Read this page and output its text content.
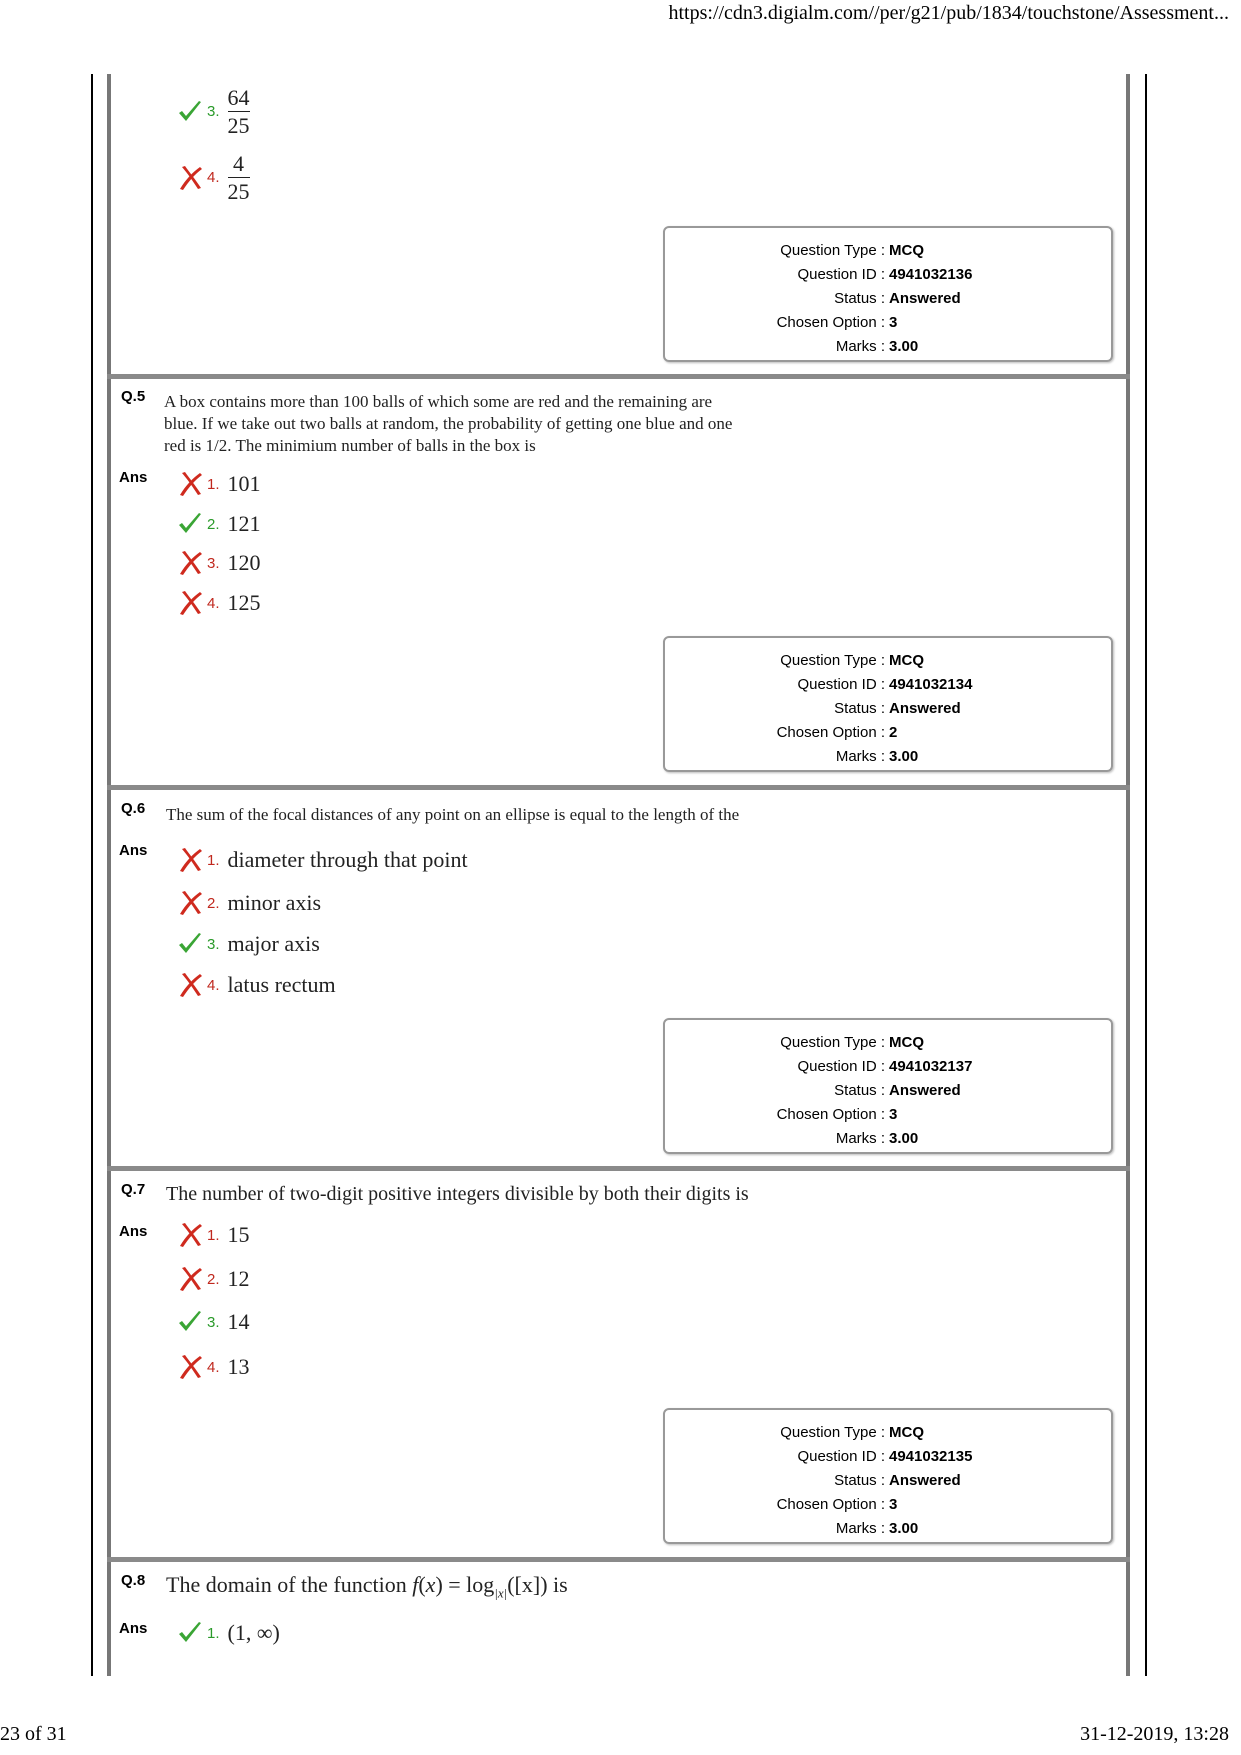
https://cdn3.digialm.com//per/g21/pub/1834/touchstone/Assessment...
3. $\frac{64}{25}$
4. $\frac{4}{25}$
Question Type :	MCQ
Question ID :	4941032136
Status :	Answered
Chosen Option :	3
Marks :	3.00
Q.5 A box contains more than 100 balls of which some are red and the remaining are
blue. If we take out two balls at random, the probability of getting one blue and one
red is 1/2. The minimium number of balls in the box is
Ans	1. 101
2. 121
3. 120
4. 125
Question Type :	MCQ
Question ID :	4941032134
Status :	Answered
Chosen Option :	2
Marks :	3.00
Q.6 The sum of the focal distances of any point on an ellipse is equal to the length of the
Ans
1. diameter through that point
2. minor axis
3. major axis
4. latus rectum
Question Type :	MCQ
Question ID :	4941032137
Status :	Answered
Chosen Option :	3
Marks :	3.00
Q.7 The number of two-digit positive integers divisible by both their digits is
Ans	1. 15
2. 12
3. 14
4. 13
Question Type :	MCQ
Question ID :	4941032135
Status :	Answered
Chosen Option :	3
Marks :	3.00
Q.8 The domain of the function $f(x) = \log_{|x|}([x])$ is
Ans	1. (1, ∞)
23 of 31	31-12-2019, 13:28
